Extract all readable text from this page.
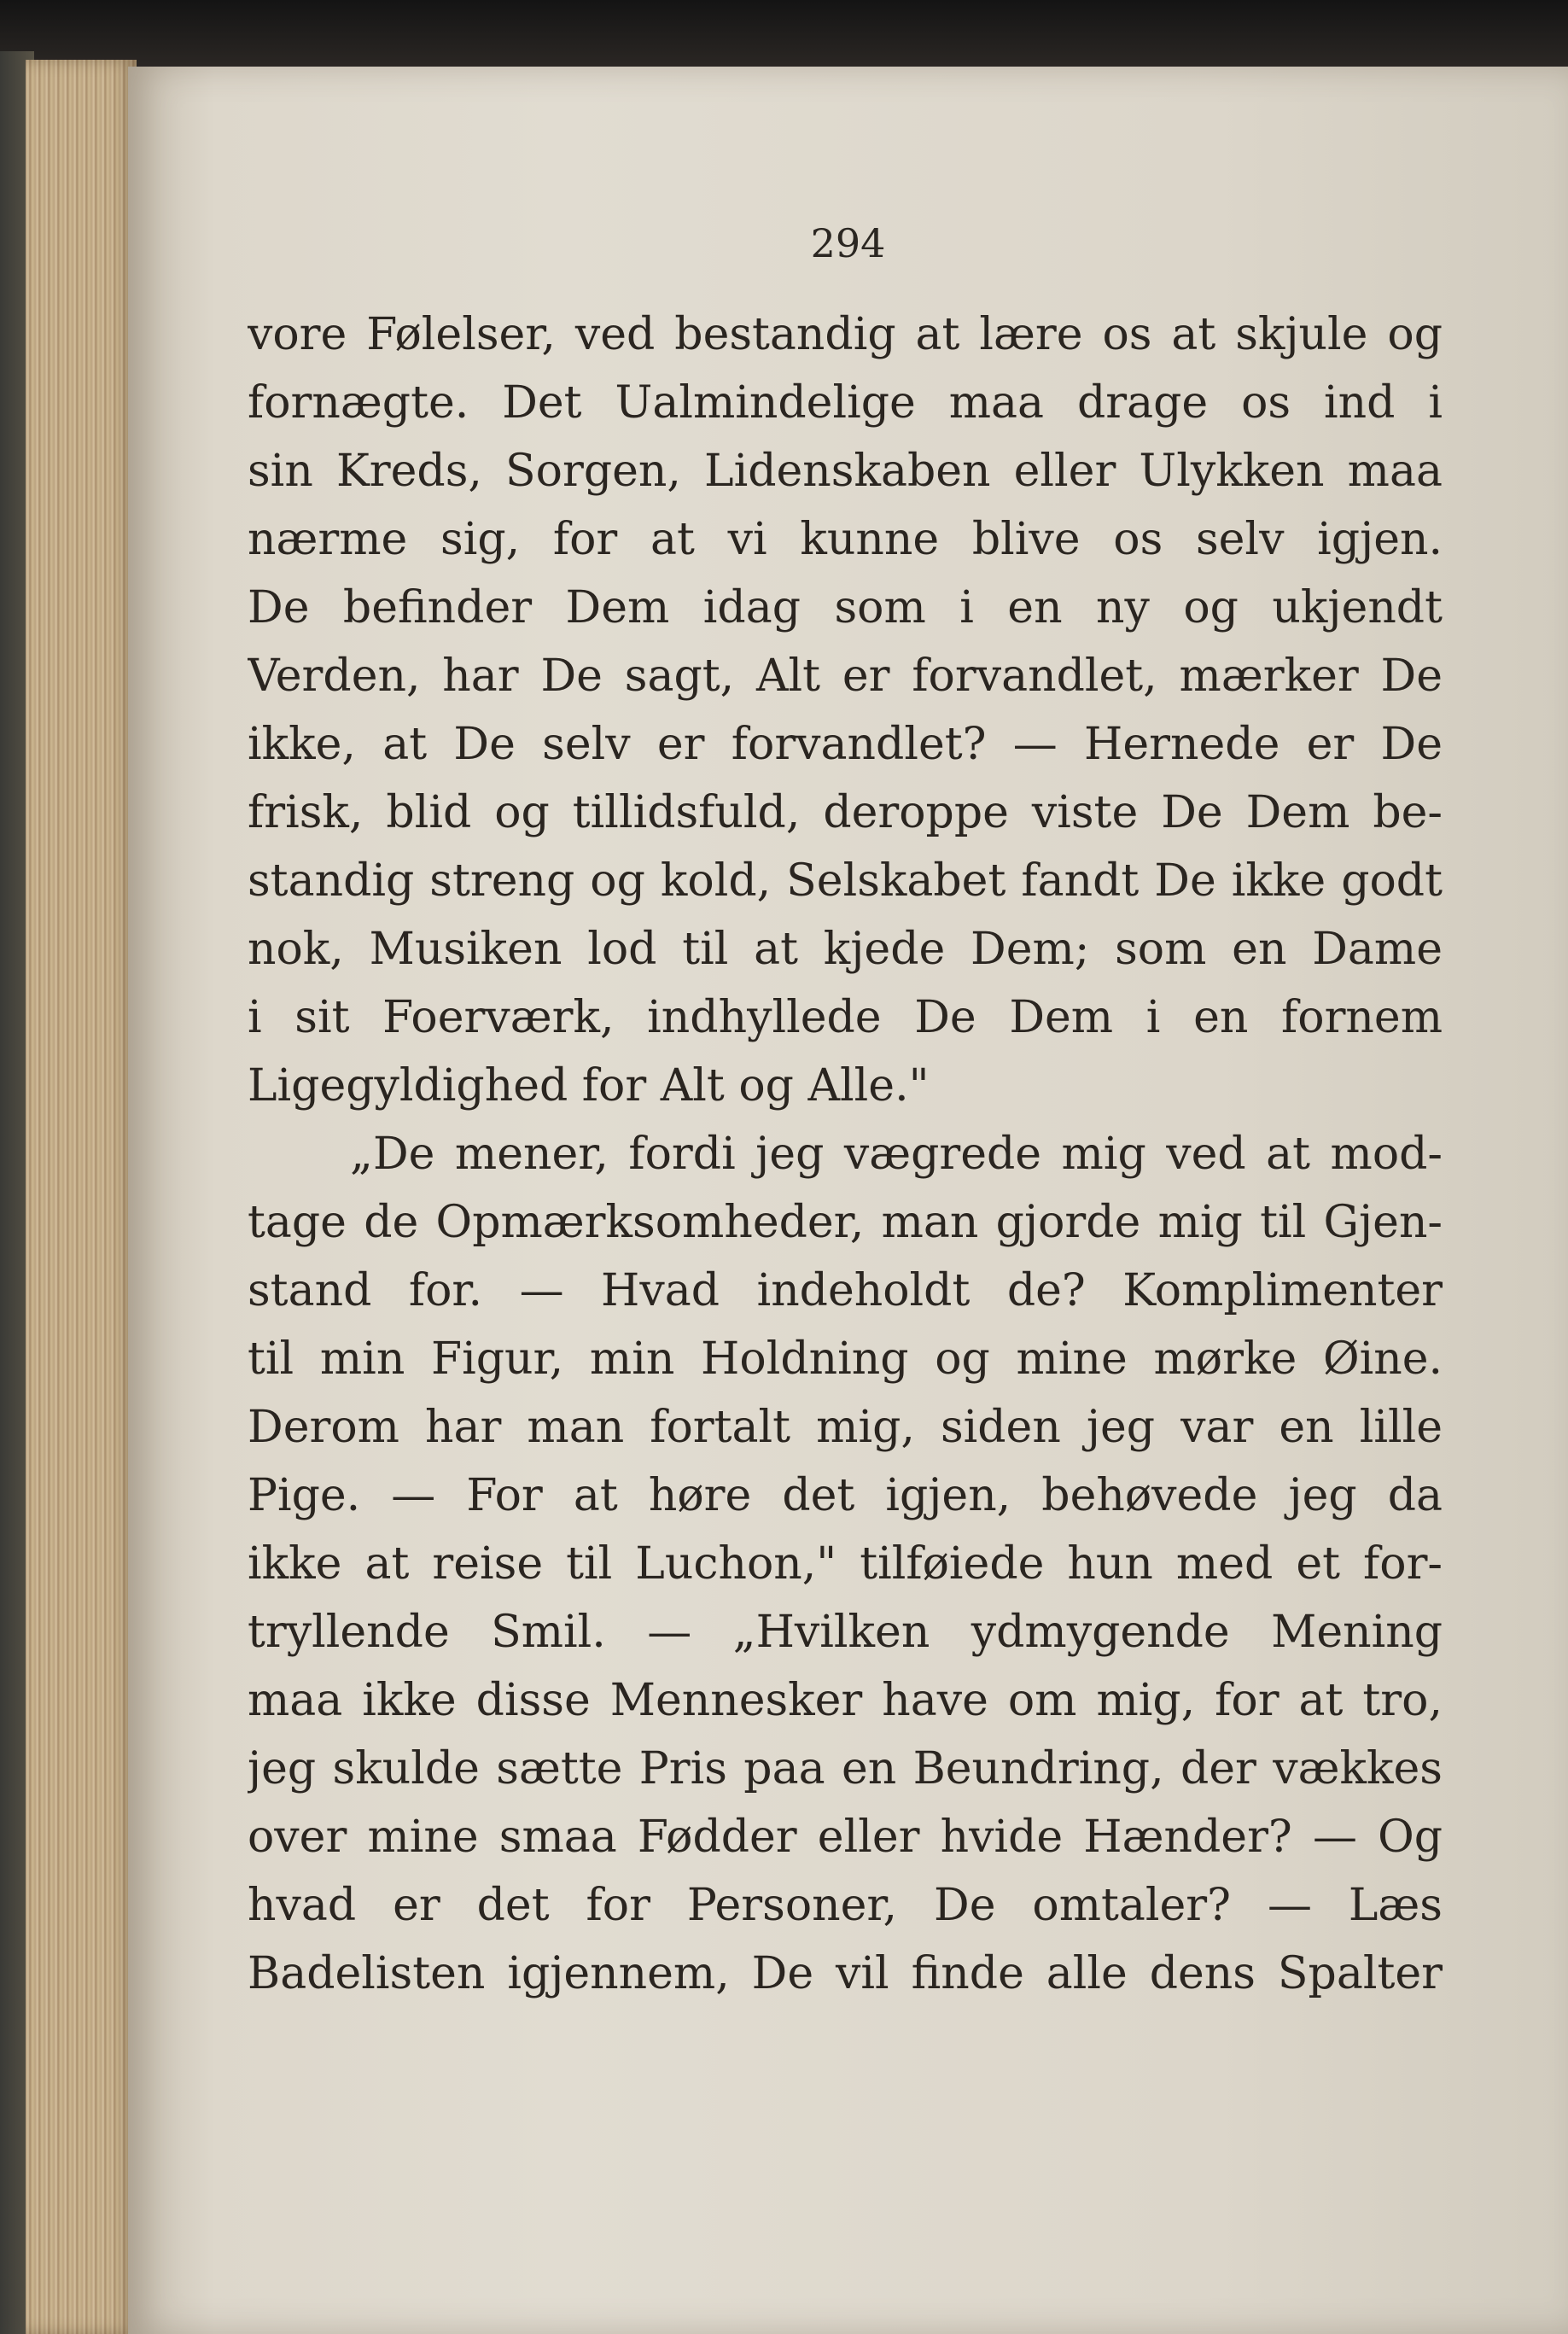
294
vore Følelser, ved bestandig at lære os at skjule og
fornægte. Det Ualmindelige maa drage os ind i
sin Kreds, Sorgen, Lidenskaben eller Ulykken maa
nærme sig, for at vi kunne blive os selv igjen.
De befinder Dem idag som i en ny og ukjendt
Verden, har De sagt, Alt er forvandlet, mærker De
ikke, at De selv er forvandlet? — Hernede er De
frisk, blid og tillidsfuld, deroppe viste De Dem be-
standig streng og kold, Selskabet fandt De ikke godt
nok, Musiken lod til at kjede Dem; som en Dame
i sit Foerværk, indhyllede De Dem i en fornem
Ligegyldighed for Alt og Alle."
„De mener, fordi jeg vægrede mig ved at mod-
tage de Opmærksomheder, man gjorde mig til Gjen-
stand for. — Hvad indeholdt de? Komplimenter
til min Figur, min Holdning og mine mørke Øine.
Derom har man fortalt mig, siden jeg var en lille
Pige. — For at høre det igjen, behøvede jeg da
ikke at reise til Luchon," tilføiede hun med et for-
tryllende Smil. — „Hvilken ydmygende Mening
maa ikke disse Mennesker have om mig, for at tro,
jeg skulde sætte Pris paa en Beundring, der vækkes
over mine smaa Fødder eller hvide Hænder? — Og
hvad er det for Personer, De omtaler? — Læs
Badelisten igjennem, De vil finde alle dens Spalter
